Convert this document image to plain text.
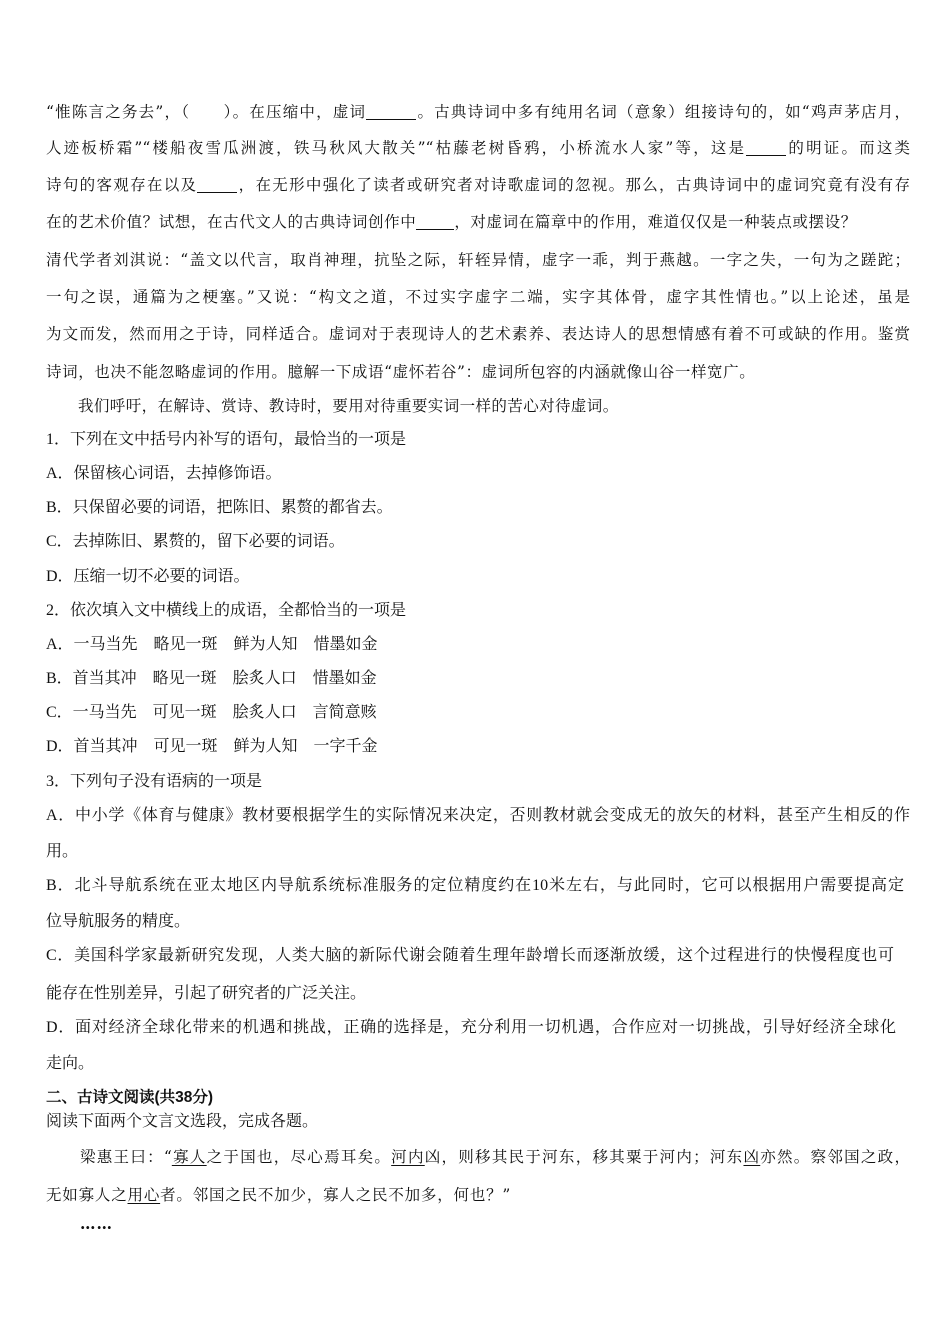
“惟陈言之务去”，（　　）。在压缩中，虚词	。古典诗词中多有纯用名词（意象）组接诗句的，如“鸡声茅店月，
人迹板桥霜”“楼船夜雪瓜洲渡，铁马秋风大散关”“枯藤老树昏鸦，小桥流水人家”等，这是	的明证。而这类
诗句的客观存在以及	，在无形中强化了读者或研究者对诗歌虚词的忽视。那么，古典诗词中的虚词究竟有没有存
在的艺术价值？试想，在古代文人的古典诗词创作中 ，对虚词在篇章中的作用，难道仅仅是一种装点或摆设？
清代学者刘淇说：“盖文以代言，取肖神理，抗坠之际，轩轾异情，虚字一乖，判于燕越。一字之失，一句为之蹉跎；
一句之误，通篇为之梗塞。”又说：“构文之道，不过实字虚字二端，实字其体骨，虚字其性情也。”以上论述，虽是
为文而发，然而用之于诗，同样适合。虚词对于表现诗人的艺术素养、表达诗人的思想情感有着不可或缺的作用。鉴赏
诗词，也决不能忽略虚词的作用。臆解一下成语“虚怀若谷”：虚词所包容的内涵就像山谷一样宽广。
我们呼吁，在解诗、赏诗、教诗时，要用对待重要实词一样的苦心对待虚词。
1．下列在文中括号内补写的语句，最恰当的一项是
A．保留核心词语，去掉修饰语。
B．只保留必要的词语，把陈旧、累赘的都省去。
C．去掉陈旧、累赘的，留下必要的词语。
D．压缩一切不必要的词语。
2．依次填入文中横线上的成语，全都恰当的一项是
A．一马当先　略见一斑　鲜为人知　惜墨如金
B．首当其冲　略见一斑　脍炙人口　惜墨如金
C．一马当先　可见一斑　脍炙人口　言简意赅
D．首当其冲　可见一斑　鲜为人知　一字千金
3．下列句子没有语病的一项是
A．中小学《体育与健康》教材要根据学生的实际情况来决定，否则教材就会变成无的放矢的材料，甚至产生相反的作
用。
B．北斗导航系统在亚太地区内导航系统标准服务的定位精度约在10米左右，与此同时，它可以根据用户需要提高定
位导航服务的精度。
C．美国科学家最新研究发现，人类大脑的新际代谢会随着生理年龄增长而逐渐放缓，这个过程进行的快慢程度也可
能存在性别差异，引起了研究者的广泛关注。
D．面对经济全球化带来的机遇和挑战，正确的选择是，充分利用一切机遇，合作应对一切挑战，引导好经济全球化
走向。
二、古诗文阅读(共38分)
阅读下面两个文言文选段，完成各题。
梁惠王曰：“寡人之于国也，尽心焉耳矣。河内凶，则移其民于河东，移其粟于河内；河东凶亦然。察邻国之政，
无如寡人之用心者。邻国之民不加少，寡人之民不加多，何也？”
……
